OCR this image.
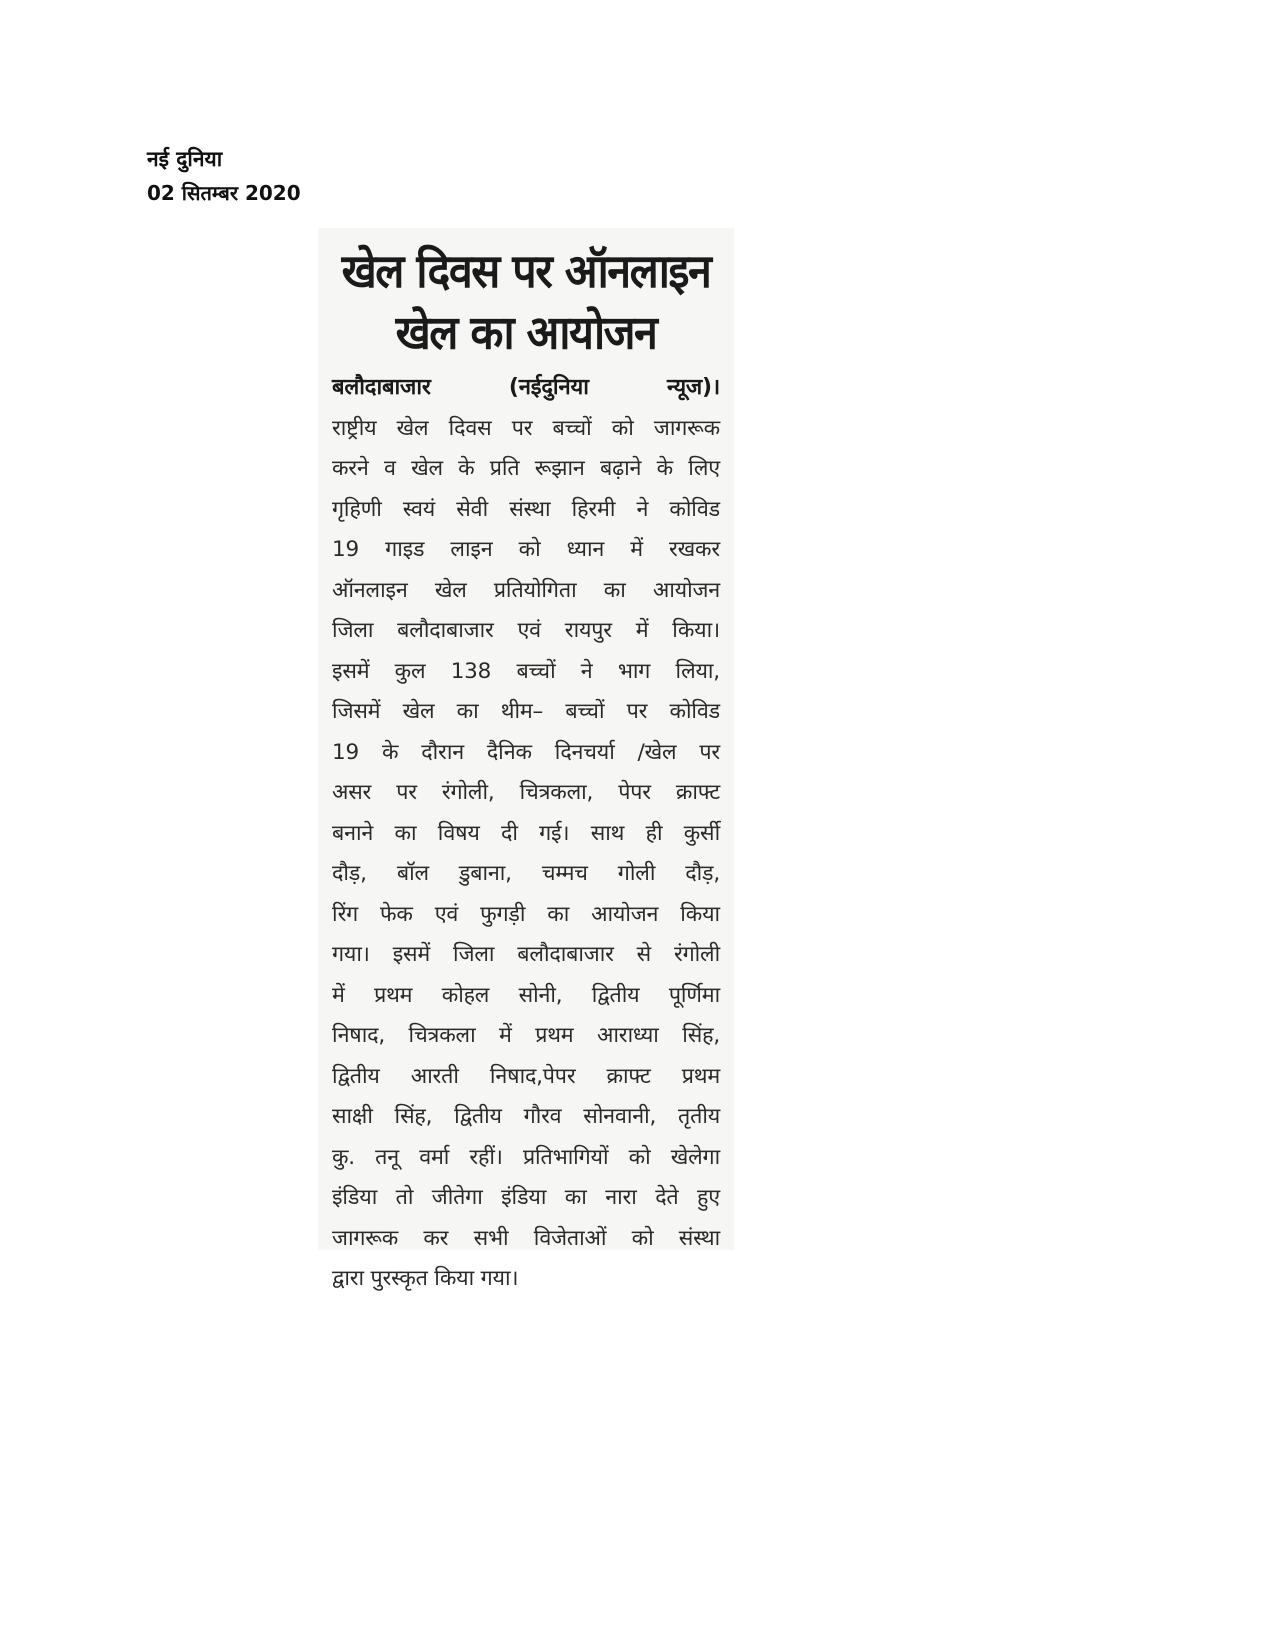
नई दुनिया
02 सितम्बर 2020
खेल दिवस पर ऑनलाइन
खेल का आयोजन
बलौदाबाजार	(नईदुनिया	न्यूज)।
राष्ट्रीय खेल दिवस पर बच्चों को जागरूक
करने व खेल के प्रति रूझान बढ़ाने के लिए
गृहिणी स्वयं सेवी संस्था हिरमी ने कोविड
19 गाइड लाइन को ध्यान में रखकर
ऑनलाइन खेल प्रतियोगिता का आयोजन
जिला बलौदाबाजार एवं रायपुर में किया।
इसमें कुल 138 बच्चों ने भाग लिया,
जिसमें खेल का थीम– बच्चों पर कोविड
19 के दौरान दैनिक दिनचर्या /खेल पर
असर पर रंगोली, चित्रकला, पेपर क्राफ्ट
बनाने का विषय दी गई। साथ ही कुर्सी
दौड़, बॉल डुबाना, चम्मच गोली दौड़,
रिंग फेक एवं फुगड़ी का आयोजन किया
गया। इसमें जिला बलौदाबाजार से रंगोली
में प्रथम कोहल सोनी, द्वितीय पूर्णिमा
निषाद, चित्रकला में प्रथम आराध्या सिंह,
द्वितीय आरती निषाद,पेपर क्राफ्ट प्रथम
साक्षी सिंह, द्वितीय गौरव सोनवानी, तृतीय
कु. तनू वर्मा रहीं। प्रतिभागियों को खेलेगा
इंडिया तो जीतेगा इंडिया का नारा देते हुए
जागरूक कर सभी विजेताओं को संस्था
द्वारा पुरस्कृत किया गया।
